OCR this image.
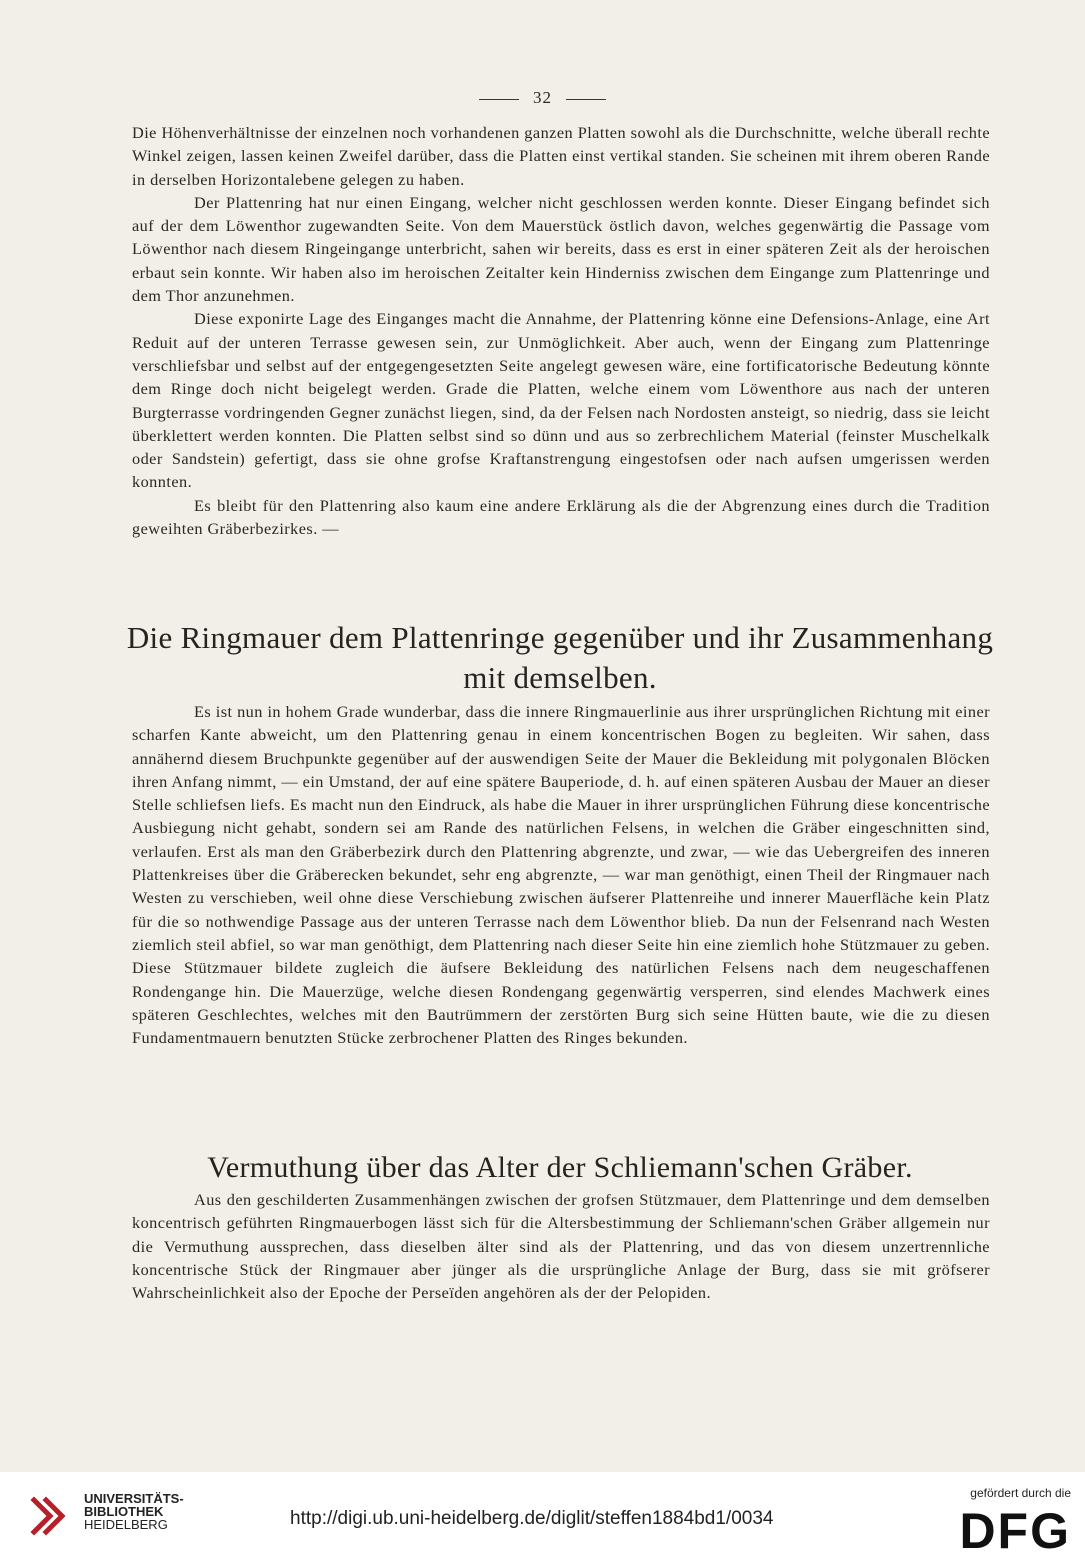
32

Die Höhenverhältnisse der einzelnen noch vorhandenen ganzen Platten sowohl als die Durchschnitte, welche überall rechte Winkel zeigen, lassen keinen Zweifel darüber, dass die Platten einst vertikal standen. Sie scheinen mit ihrem oberen Rande in derselben Horizontalebene gelegen zu haben.

Der Plattenring hat nur einen Eingang, welcher nicht geschlossen werden konnte. Dieser Eingang befindet sich auf der dem Löwenthor zugewandten Seite. Von dem Mauerstück östlich davon, welches gegenwärtig die Passage vom Löwenthor nach diesem Ringeingange unterbricht, sahen wir bereits, dass es erst in einer späteren Zeit als der heroischen erbaut sein konnte. Wir haben also im heroischen Zeitalter kein Hinderniss zwischen dem Eingange zum Plattenringe und dem Thor anzunehmen.

Diese exponirte Lage des Einganges macht die Annahme, der Plattenring könne eine Defensions-Anlage, eine Art Reduit auf der unteren Terrasse gewesen sein, zur Unmöglichkeit. Aber auch, wenn der Eingang zum Plattenringe verschliefsbar und selbst auf der entgegengesetzten Seite angelegt gewesen wäre, eine fortificatorische Bedeutung könnte dem Ringe doch nicht beigelegt werden. Grade die Platten, welche einem vom Löwenthore aus nach der unteren Burgterrasse vordringenden Gegner zunächst liegen, sind, da der Felsen nach Nordosten ansteigt, so niedrig, dass sie leicht überklettert werden konnten. Die Platten selbst sind so dünn und aus so zerbrechlichem Material (feinster Muschelkalk oder Sandstein) gefertigt, dass sie ohne grofse Kraftanstrengung eingestofsen oder nach aufsen umgerissen werden konnten.

Es bleibt für den Plattenring also kaum eine andere Erklärung als die der Abgrenzung eines durch die Tradition geweihten Gräberbezirkes. —

Die Ringmauer dem Plattenringe gegenüber und ihr Zusammenhang mit demselben.

Es ist nun in hohem Grade wunderbar, dass die innere Ringmauerlinie aus ihrer ursprünglichen Richtung mit einer scharfen Kante abweicht, um den Plattenring genau in einem koncentrischen Bogen zu begleiten. Wir sahen, dass annähernd diesem Bruchpunkte gegenüber auf der auswendigen Seite der Mauer die Bekleidung mit polygonalen Blöcken ihren Anfang nimmt, — ein Umstand, der auf eine spätere Bauperiode, d. h. auf einen späteren Ausbau der Mauer an dieser Stelle schliefsen liefs. Es macht nun den Eindruck, als habe die Mauer in ihrer ursprünglichen Führung diese koncentrische Ausbiegung nicht gehabt, sondern sei am Rande des natürlichen Felsens, in welchen die Gräber eingeschnitten sind, verlaufen. Erst als man den Gräberbezirk durch den Plattenring abgrenzte, und zwar, — wie das Uebergreifen des inneren Plattenkreises über die Gräberecken bekundet, sehr eng abgrenzte, — war man genöthigt, einen Theil der Ringmauer nach Westen zu verschieben, weil ohne diese Verschiebung zwischen äufserer Plattenreihe und innerer Mauerfläche kein Platz für die so nothwendige Passage aus der unteren Terrasse nach dem Löwenthor blieb. Da nun der Felsenrand nach Westen ziemlich steil abfiel, so war man genöthigt, dem Plattenring nach dieser Seite hin eine ziemlich hohe Stützmauer zu geben. Diese Stützmauer bildete zugleich die äufsere Bekleidung des natürlichen Felsens nach dem neugeschaffenen Rondengange hin. Die Mauerzüge, welche diesen Rondengang gegenwärtig versperren, sind elendes Machwerk eines späteren Geschlechtes, welches mit den Bautrümmern der zerstörten Burg sich seine Hütten baute, wie die zu diesen Fundamentmauern benutzten Stücke zerbrochener Platten des Ringes bekunden.

Vermuthung über das Alter der Schliemann'schen Gräber.

Aus den geschilderten Zusammenhängen zwischen der grofsen Stützmauer, dem Plattenringe und dem demselben koncentrisch geführten Ringmauerbogen lässt sich für die Altersbestimmung der Schliemann'schen Gräber allgemein nur die Vermuthung aussprechen, dass dieselben älter sind als der Plattenring, und das von diesem unzertrennliche koncentrische Stück der Ringmauer aber jünger als die ursprüngliche Anlage der Burg, dass sie mit gröfserer Wahrscheinlichkeit also der Epoche der Perseïden angehören als der der Pelopiden.

UNIVERSITÄTS-
BIBLIOTHEK
HEIDELBERG	http://digi.ub.uni-heidelberg.de/diglit/steffen1884bd1/0034
gefördert durch die
DFG
